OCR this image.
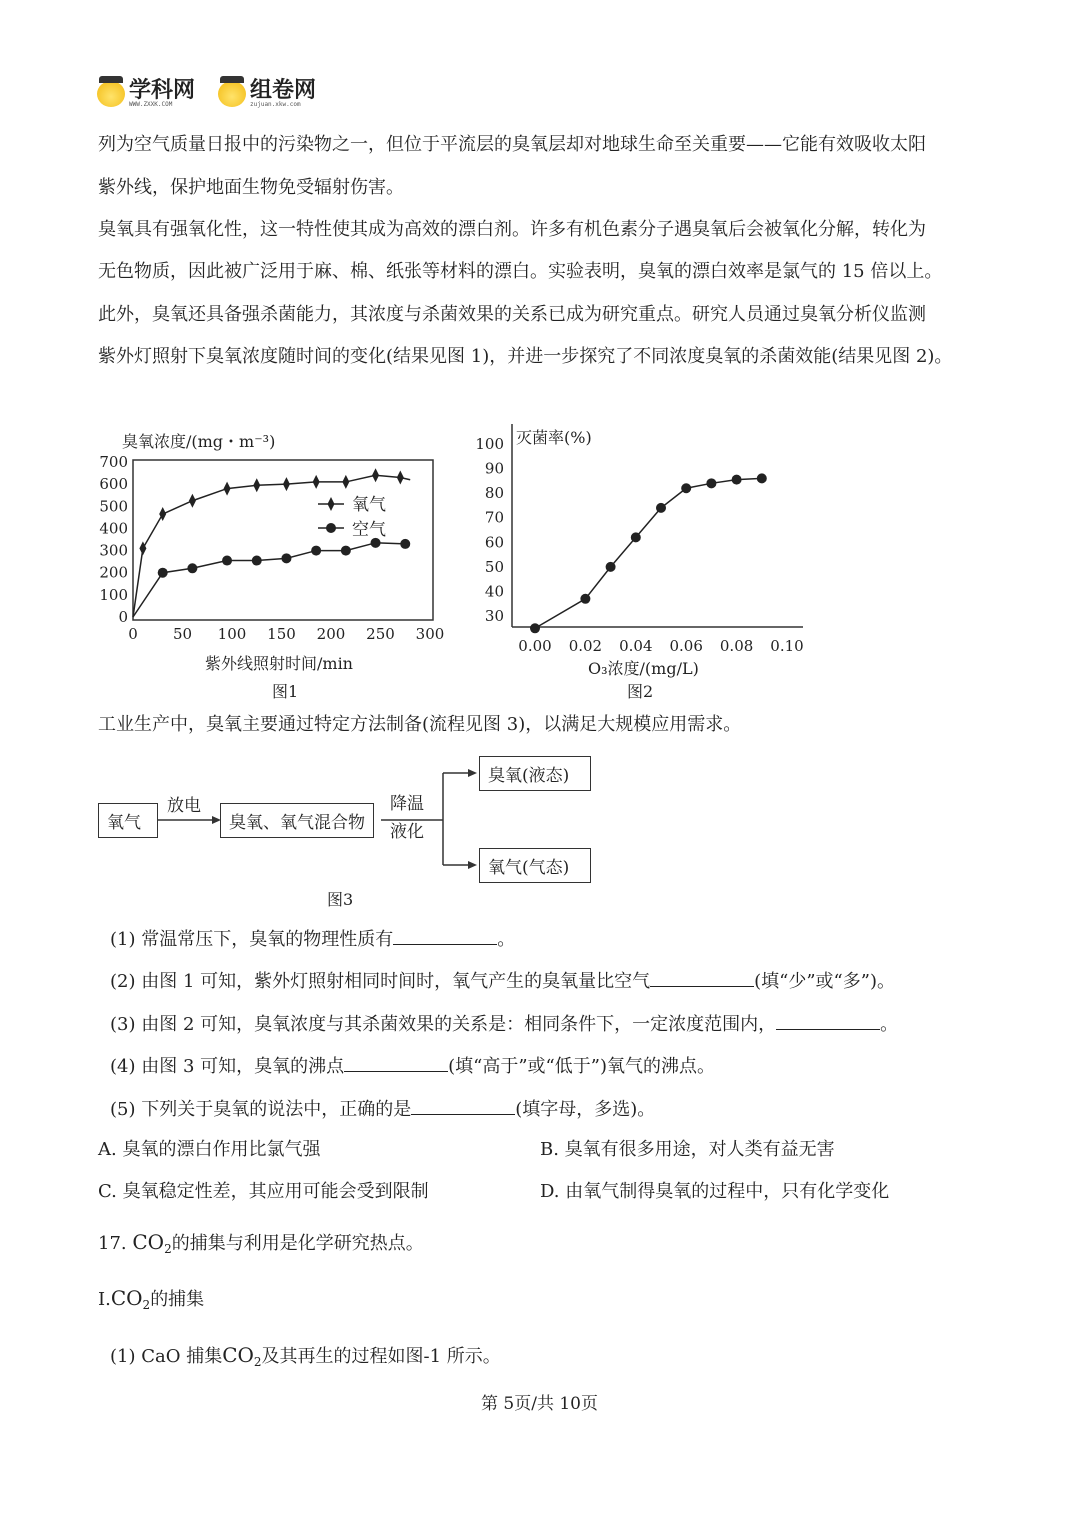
学科网
WWW.ZXXK.COM
组卷网
zujuan.xkw.com
列为空气质量日报中的污染物之一，但位于平流层的臭氧层却对地球生命至关重要——它能有效吸收太阳
紫外线，保护地面生物免受辐射伤害。
臭氧具有强氧化性，这一特性使其成为高效的漂白剂。许多有机色素分子遇臭氧后会被氧化分解，转化为
无色物质，因此被广泛用于麻、棉、纸张等材料的漂白。实验表明，臭氧的漂白效率是氯气的 15 倍以上。
此外，臭氧还具备强杀菌能力，其浓度与杀菌效果的关系已成为研究重点。研究人员通过臭氧分析仪监测
紫外灯照射下臭氧浓度随时间的变化(结果见图 1)，并进一步探究了不同浓度臭氧的杀菌效能(结果见图 2)。
0
100
200
300
400
500
600
700
0 50 100 150 200 250 300
臭氧浓度/(mg・m⁻³)
紫外线照射时间/min
图1
氧气
空气
30
40
50
60
70
80
90
100
0.00 0.02 0.04 0.06 0.08 0.10
灭菌率(%)
O₃浓度/(mg/L)
图2
工业生产中，臭氧主要通过特定方法制备(流程见图 3)，以满足大规模应用需求。
氧气
放电
臭氧、氧气混合物
降温
液化
臭氧(液态)
氧气(气态)
图3
(1) 常温常压下，臭氧的物理性质有	。
(2) 由图 1 可知，紫外灯照射相同时间时，氧气产生的臭氧量比空气	(填“少”或“多”)。
(3) 由图 2 可知，臭氧浓度与其杀菌效果的关系是：相同条件下，一定浓度范围内，	。
(4) 由图 3 可知，臭氧的沸点	(填“高于”或“低于”)氧气的沸点。
(5) 下列关于臭氧的说法中，正确的是	(填字母，多选)。
A. 臭氧的漂白作用比氯气强	B. 臭氧有很多用途，对人类有益无害
C. 臭氧稳定性差，其应用可能会受到限制	D. 由氧气制得臭氧的过程中，只有化学变化
17. $CO_2$的捕集与利用是化学研究热点。
$I.CO_2$的捕集
(1) CaO 捕集$CO_2$及其再生的过程如图-1 所示。
第 5页/共 10页
